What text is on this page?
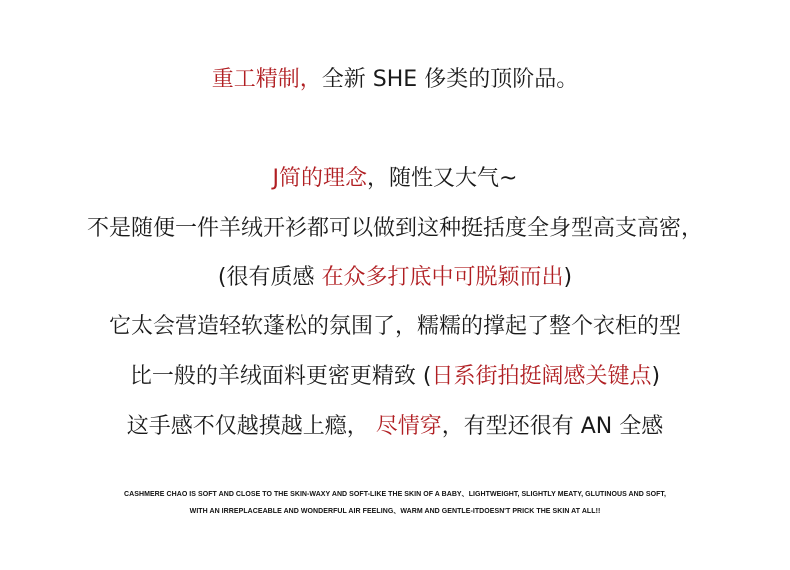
重工精制，全新 SHE 侈类的顶阶品。
J简的理念，随性又大气~
不是随便一件羊绒开衫都可以做到这种挺括度全身型高支高密，
(很有质感 在众多打底中可脱颖而出)
它太会营造轻软蓬松的氛围了，糯糯的撑起了整个衣柜的型
比一般的羊绒面料更密更精致 (日系街拍挺阔感关键点)
这手感不仅越摸越上瘾， 尽情穿，有型还很有 AN 全感
CASHMERE CHAO IS SOFT AND CLOSE TO THE SKIN-WAXY AND SOFT-LIKE THE SKIN OF A BABY、LIGHTWEIGHT, SLIGHTLY MEATY, GLUTINOUS AND SOFT,
WITH AN IRREPLACEABLE AND WONDERFUL AIR FEELING、WARM AND GENTLE-ITDOESN'T PRICK THE SKIN AT ALL!!
